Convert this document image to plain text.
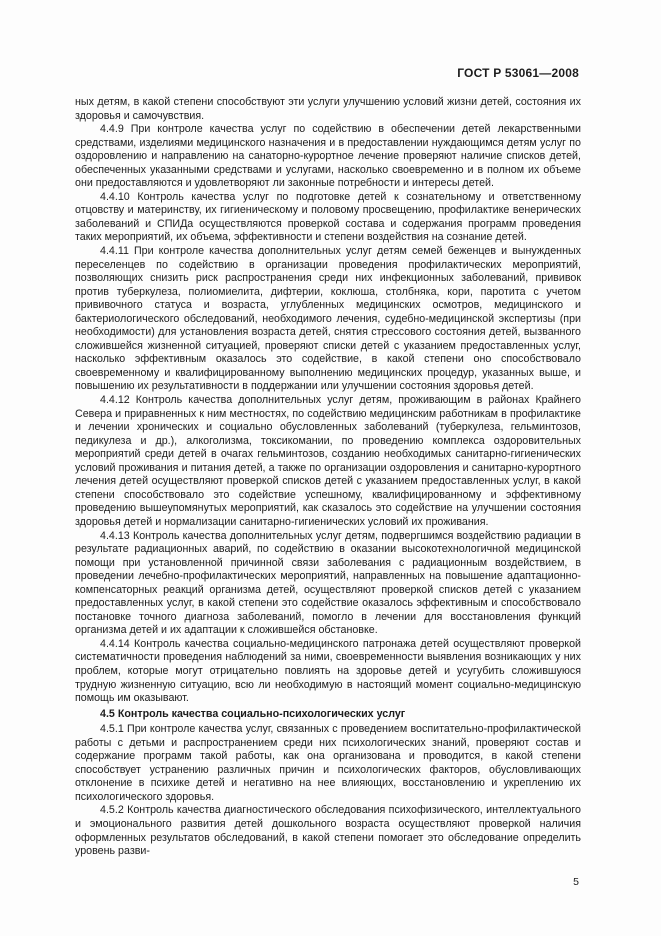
ГОСТ Р 53061—2008

ных детям, в какой степени способствуют эти услуги улучшению условий жизни детей, состояния их здоровья и самочувствия.

4.4.9 При контроле качества услуг по содействию в обеспечении детей лекарственными средствами, изделиями медицинского назначения и в предоставлении нуждающимся детям услуг по оздоровлению и направлению на санаторно-курортное лечение проверяют наличие списков детей, обеспеченных указанными средствами и услугами, насколько своевременно и в полном их объеме они предоставляются и удовлетворяют ли законные потребности и интересы детей.

4.4.10 Контроль качества услуг по подготовке детей к сознательному и ответственному отцовству и материнству, их гигиеническому и половому просвещению, профилактике венерических заболеваний и СПИДа осуществляются проверкой состава и содержания программ проведения таких мероприятий, их объема, эффективности и степени воздействия на сознание детей.

4.4.11 При контроле качества дополнительных услуг детям семей беженцев и вынужденных переселенцев по содействию в организации проведения профилактических мероприятий, позволяющих снизить риск распространения среди них инфекционных заболеваний, прививок против туберкулеза, полиомиелита, дифтерии, коклюша, столбняка, кори, паротита с учетом прививочного статуса и возраста, углубленных медицинских осмотров, медицинского и бактериологического обследований, необходимого лечения, судебно-медицинской экспертизы (при необходимости) для установления возраста детей, снятия стрессового состояния детей, вызванного сложившейся жизненной ситуацией, проверяют списки детей с указанием предоставленных услуг, насколько эффективным оказалось это содействие, в какой степени оно способствовало своевременному и квалифицированному выполнению медицинских процедур, указанных выше, и повышению их результативности в поддержании или улучшении состояния здоровья детей.

4.4.12 Контроль качества дополнительных услуг детям, проживающим в районах Крайнего Севера и приравненных к ним местностях, по содействию медицинским работникам в профилактике и лечении хронических и социально обусловленных заболеваний (туберкулеза, гельминтозов, педикулеза и др.), алкоголизма, токсикомании, по проведению комплекса оздоровительных мероприятий среди детей в очагах гельминтозов, созданию необходимых санитарно-гигиенических условий проживания и питания детей, а также по организации оздоровления и санитарно-курортного лечения детей осуществляют проверкой списков детей с указанием предоставленных услуг, в какой степени способствовало это содействие успешному, квалифицированному и эффективному проведению вышеупомянутых мероприятий, как сказалось это содействие на улучшении состояния здоровья детей и нормализации санитарно-гигиенических условий их проживания.

4.4.13 Контроль качества дополнительных услуг детям, подвергшимся воздействию радиации в результате радиационных аварий, по содействию в оказании высокотехнологичной медицинской помощи при установленной причинной связи заболевания с радиационным воздействием, в проведении лечебно-профилактических мероприятий, направленных на повышение адаптационно-компенсаторных реакций организма детей, осуществляют проверкой списков детей с указанием предоставленных услуг, в какой степени это содействие оказалось эффективным и способствовало постановке точного диагноза заболеваний, помогло в лечении для восстановления функций организма детей и их адаптации к сложившейся обстановке.

4.4.14 Контроль качества социально-медицинского патронажа детей осуществляют проверкой систематичности проведения наблюдений за ними, своевременности выявления возникающих у них проблем, которые могут отрицательно повлиять на здоровье детей и усугубить сложившуюся трудную жизненную ситуацию, всю ли необходимую в настоящий момент социально-медицинскую помощь им оказывают.

4.5 Контроль качества социально-психологических услуг

4.5.1 При контроле качества услуг, связанных с проведением воспитательно-профилактической работы с детьми и распространением среди них психологических знаний, проверяют состав и содержание программ такой работы, как она организована и проводится, в какой степени способствует устранению различных причин и психологических факторов, обусловливающих отклонение в психике детей и негативно на нее влияющих, восстановлению и укреплению их психологического здоровья.

4.5.2 Контроль качества диагностического обследования психофизического, интеллектуального и эмоционального развития детей дошкольного возраста осуществляют проверкой наличия оформленных результатов обследований, в какой степени помогает это обследование определить уровень разви-

5
